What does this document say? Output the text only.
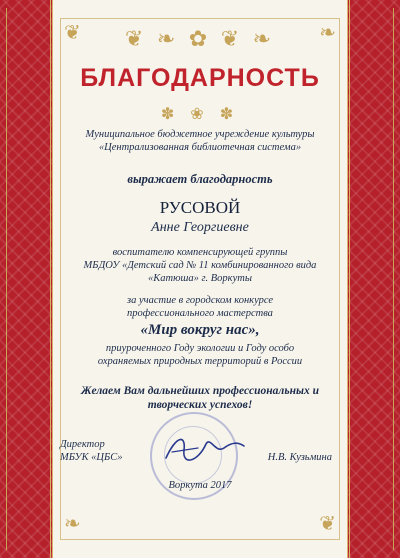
❦ ❧ ✿ ❦ ❧
❦	❧
❧	❦
БЛАГОДАРНОСТЬ
✽ ❀ ✽
Муниципальное бюджетное учреждение культуры
«Централизованная библиотечная система»
выражает благодарность
РУСОВОЙ
Анне Георгиевне
воспитателю компенсирующей группы
МБДОУ «Детский сад № 11 комбинированного вида
«Катюша» г. Воркуты
за участие в городском конкурсе
профессионального мастерства
«Мир вокруг нас»,
приуроченного Году экологии и Году особо
охраняемых природных территорий в России
Желаем Вам дальнейших профессиональных и
творческих успехов!
Директор
МБУК «ЦБС»	Н.В. Кузьмина
Воркута 2017
